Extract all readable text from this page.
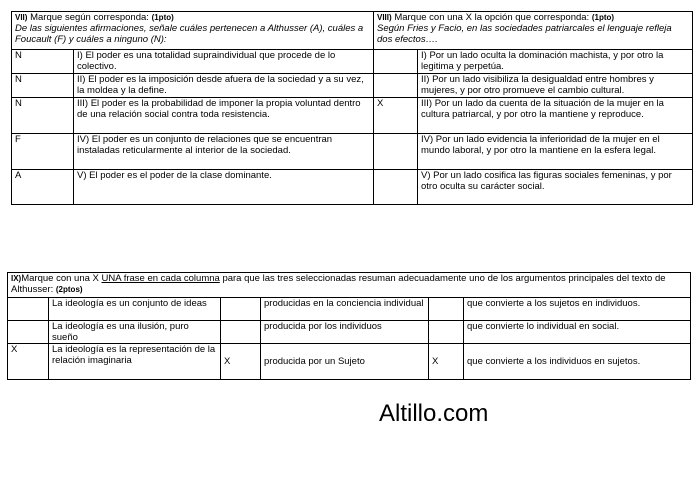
VII) Marque según corresponda: (1pto)
De las siguientes afirmaciones, señale cuáles pertenecen a Althusser (A), cuáles a Foucault (F) y cuáles a ninguno (N):		VIII) Marque con una X la opción que corresponda: (1pto)
Según Fries y Facio, en las sociedades patriarcales el lenguaje refleja dos efectos….	
N	I) El poder es una totalidad supraindividual que procede de lo colectivo.		I) Por un lado oculta la dominación machista, y por otro la legitima y perpetúa.
N	II) El poder es la imposición desde afuera de la sociedad y a su vez, la moldea y la define.		II) Por un lado visibiliza la desigualdad entre hombres y mujeres, y por otro promueve el cambio cultural.
N	III) El poder es la probabilidad de imponer la propia voluntad dentro de una relación social contra toda resistencia.	X	III) Por un lado da cuenta de la situación de la mujer en la cultura patriarcal, y por otro la mantiene y reproduce.
F	IV) El poder es un conjunto de relaciones que se encuentran instaladas reticularmente al interior de la sociedad.		IV) Por un lado evidencia la inferioridad de la mujer en el mundo laboral, y por otro la mantiene en la esfera legal.
A	V) El poder es el poder de la clase dominante.		V) Por un lado cosifica las figuras sociales femeninas, y por otro oculta su carácter social.
IX)Marque con una X UNA frase en cada columna para que las tres seleccionadas resuman adecuadamente uno de los argumentos principales del texto de Althusser: (2ptos)					
	La ideología es un conjunto de ideas		producidas en la conciencia individual		que convierte a los sujetos en individuos.
	La ideología es una ilusión, puro sueño		producida por los individuos		que convierte lo individual en social.
X	La ideología es la representación de la relación imaginaria	X	producida por un Sujeto	X	que convierte a los individuos en sujetos.
Altillo.com
